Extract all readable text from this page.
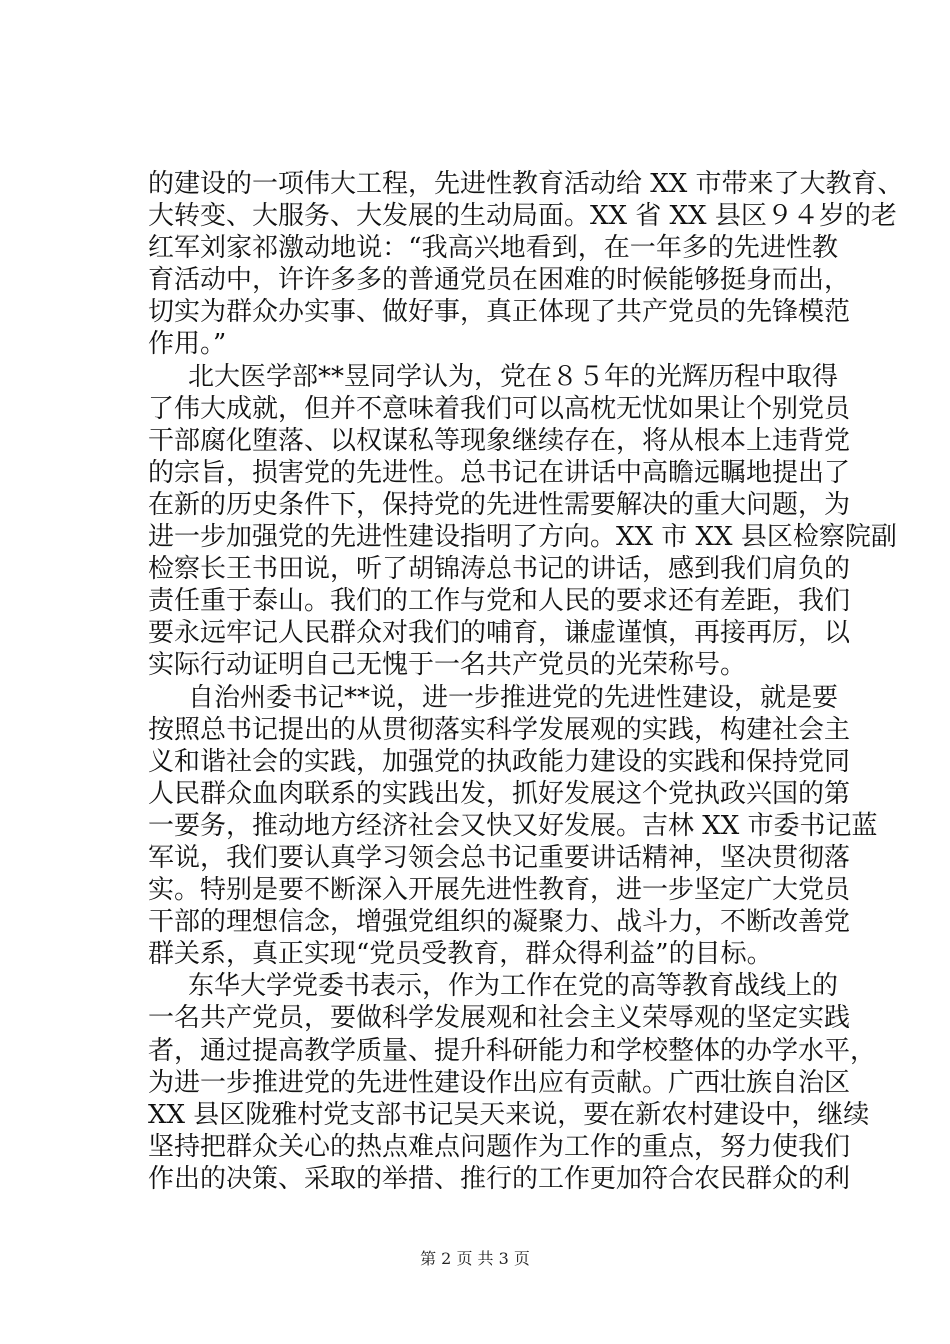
的建设的一项伟大工程，先进性教育活动给 XX 市带来了大教育、
大转变、大服务、大发展的生动局面。XX 省 XX 县区９４岁的老
红军刘家祁激动地说：“我高兴地看到，在一年多的先进性教
育活动中，许许多多的普通党员在困难的时候能够挺身而出，
切实为群众办实事、做好事，真正体现了共产党员的先锋模范
作用。”
北大医学部**昱同学认为，党在８５年的光辉历程中取得
了伟大成就，但并不意味着我们可以高枕无忧如果让个别党员
干部腐化堕落、以权谋私等现象继续存在，将从根本上违背党
的宗旨，损害党的先进性。总书记在讲话中高瞻远瞩地提出了
在新的历史条件下，保持党的先进性需要解决的重大问题，为
进一步加强党的先进性建设指明了方向。XX 市 XX 县区检察院副
检察长王书田说，听了胡锦涛总书记的讲话，感到我们肩负的
责任重于泰山。我们的工作与党和人民的要求还有差距，我们
要永远牢记人民群众对我们的哺育，谦虚谨慎，再接再厉，以
实际行动证明自己无愧于一名共产党员的光荣称号。
自治州委书记**说，进一步推进党的先进性建设，就是要
按照总书记提出的从贯彻落实科学发展观的实践，构建社会主
义和谐社会的实践，加强党的执政能力建设的实践和保持党同
人民群众血肉联系的实践出发，抓好发展这个党执政兴国的第
一要务，推动地方经济社会又快又好发展。吉林 XX 市委书记蓝
军说，我们要认真学习领会总书记重要讲话精神，坚决贯彻落
实。特别是要不断深入开展先进性教育，进一步坚定广大党员
干部的理想信念，增强党组织的凝聚力、战斗力，不断改善党
群关系，真正实现“党员受教育，群众得利益”的目标。
东华大学党委书表示，作为工作在党的高等教育战线上的
一名共产党员，要做科学发展观和社会主义荣辱观的坚定实践
者，通过提高教学质量、提升科研能力和学校整体的办学水平，
为进一步推进党的先进性建设作出应有贡献。广西壮族自治区
XX 县区陇雅村党支部书记吴天来说，要在新农村建设中，继续
坚持把群众关心的热点难点问题作为工作的重点，努力使我们
作出的决策、采取的举措、推行的工作更加符合农民群众的利
第 2 页 共 3 页
